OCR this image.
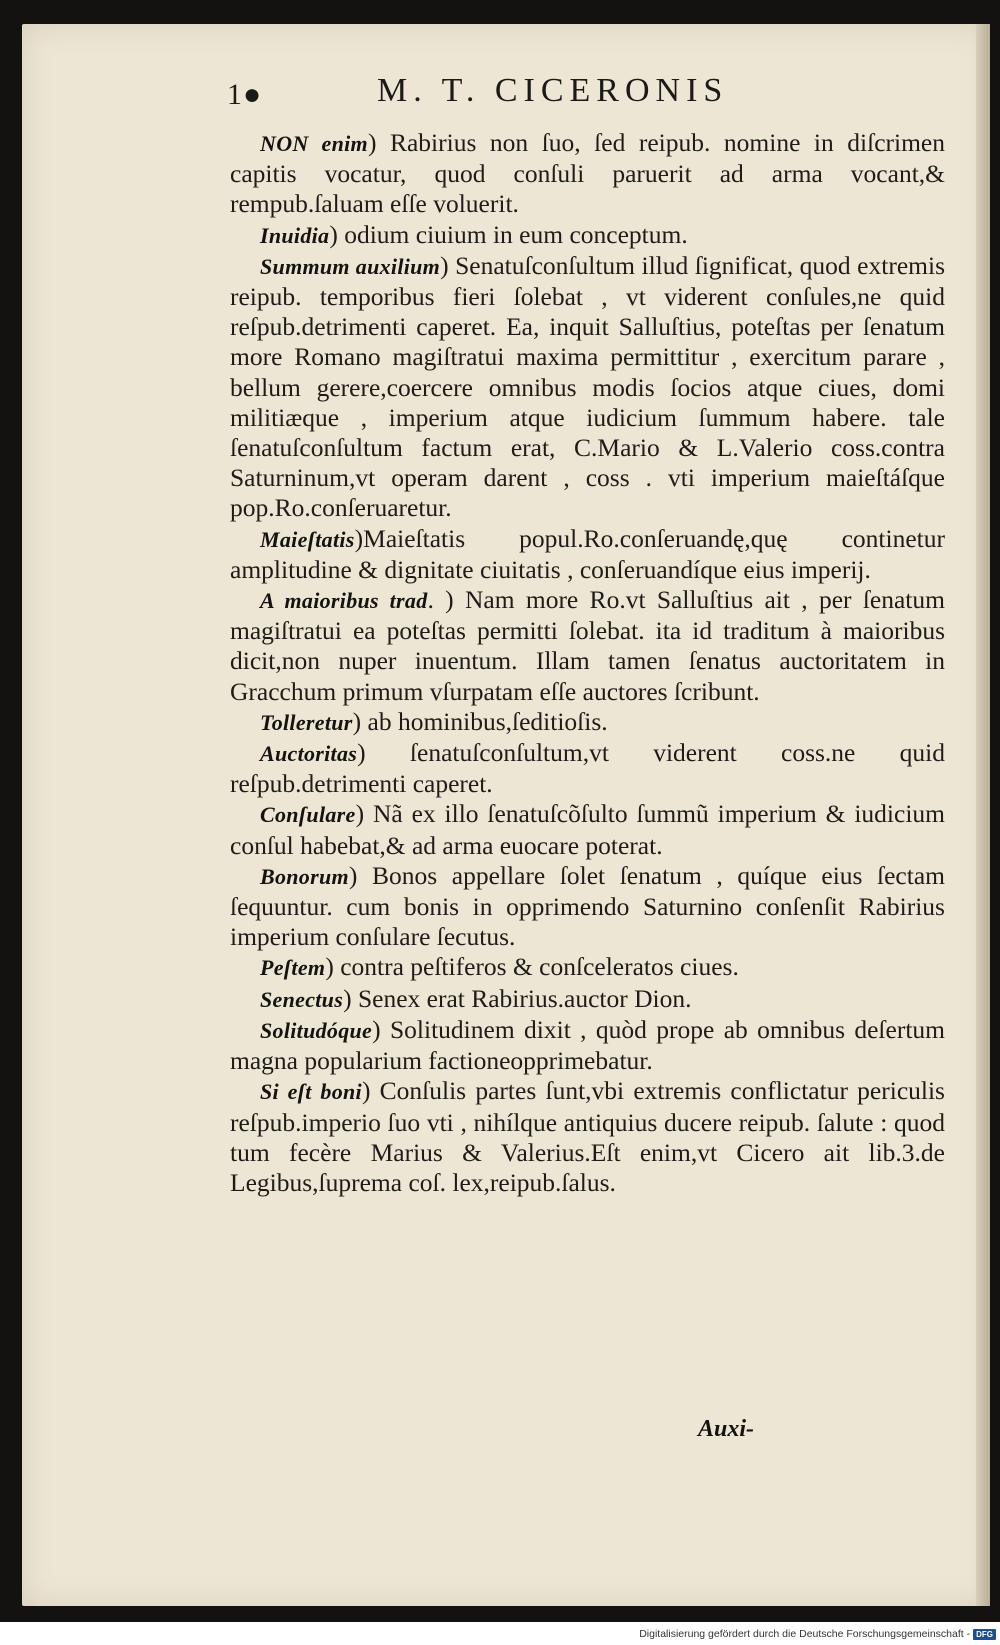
1●	M. T. CICERONIS

NON enim) Rabirius non ſuo, ſed reipub. nomine in diſcrimen capitis vocatur, quod conſuli paruerit ad arma vocant,& rempub.ſaluam eſſe voluerit.

Inuidia) odium ciuium in eum conceptum.

Summum auxilium) Senatuſconſultum illud ſignificat, quod extremis reipub. temporibus fieri ſolebat , vt viderent conſules,ne quid reſpub.detrimenti caperet. Ea, inquit Salluſtius, poteſtas per ſenatum more Romano magiſtratui maxima permittitur , exercitum parare , bellum gerere,coercere omnibus modis ſocios atque ciues, domi militiæque , imperium atque iudicium ſummum habere. tale ſenatuſconſultum factum erat, C.Mario & L.Valerio coss.contra Saturninum,vt operam darent , coss . vti imperium maieſtáſque pop.Ro.conſeruaretur.

Maieſtatis)Maieſtatis popul.Ro.conſeruandę,quę continetur amplitudine & dignitate ciuitatis , conſeruandíque eius imperij.

A maioribus trad. ) Nam more Ro.vt Salluſtius ait , per ſenatum magiſtratui ea poteſtas permitti ſolebat. ita id traditum à maioribus dicit,non nuper inuentum. Illam tamen ſenatus auctoritatem in Gracchum primum vſurpatam eſſe auctores ſcribunt.

Tolleretur) ab hominibus,ſeditioſis.

Auctoritas) ſenatuſconſultum,vt viderent coss.ne quid reſpub.detrimenti caperet.

Conſulare) Nã ex illo ſenatuſcõſulto ſummũ imperium & iudicium conſul habebat,& ad arma euocare poterat.

Bonorum) Bonos appellare ſolet ſenatum , quíque eius ſectam ſequuntur. cum bonis in opprimendo Saturnino conſenſit Rabirius imperium conſulare ſecutus.

Peſtem) contra peſtiferos & conſceleratos ciues.

Senectus) Senex erat Rabirius.auctor Dion.

Solitudóque) Solitudinem dixit , quòd prope ab omnibus deſertum magna popularium factioneopprimebatur.

Si eſt boni) Conſulis partes ſunt,vbi extremis conflictatur periculis reſpub.imperio ſuo vti , nihílque antiquius ducere reipub. ſalute : quod tum fecère Marius & Valerius.Eſt enim,vt Cicero ait lib.3.de Legibus,ſuprema coſ. lex,reipub.ſalus.

Auxi-
Digitalisierung gefördert durch die Deutsche Forschungsgemeinschaft - DFG
